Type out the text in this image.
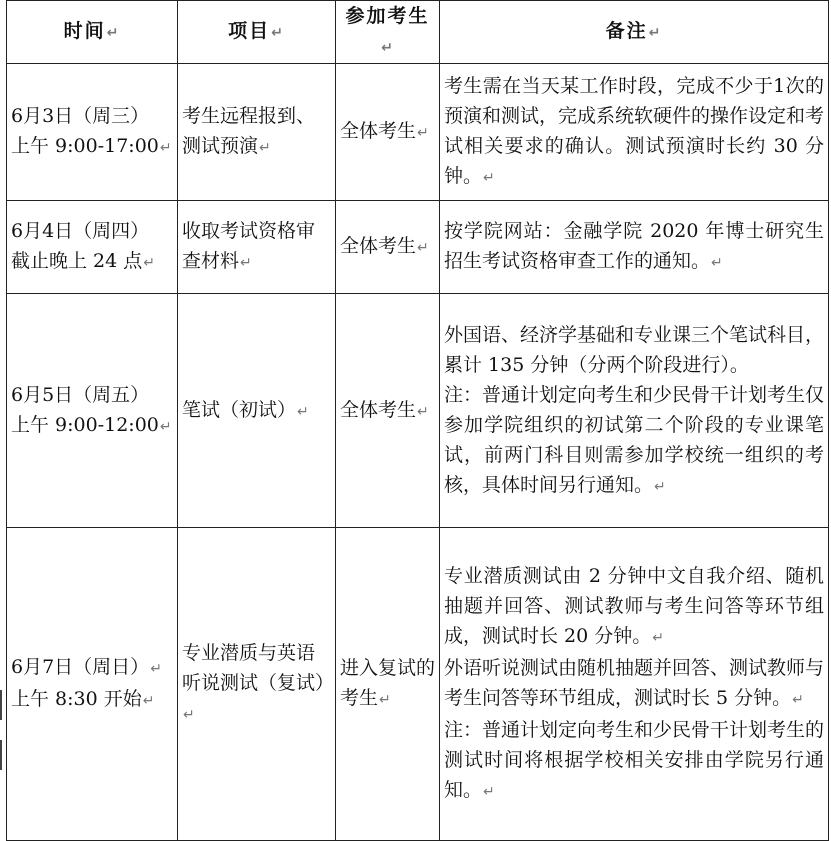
时间↵	项目↵	参加考生↵	备注↵

6月3日（周三）
上午 9:00-17:00↵	考生远程报到、测试预演↵	全体考生↵	考生需在当天某工作时段，完成不少于1次的预演和测试，完成系统软硬件的操作设定和考试相关要求的确认。测试预演时长约 30 分钟。↵

6月4日（周四）
截止晚上 24 点↵	收取考试资格审查材料↵	全体考生↵	按学院网站：金融学院 2020 年博士研究生招生考试资格审查工作的通知。↵

6月5日（周五）
上午 9:00-12:00↵	笔试（初试）↵	全体考生↵	外国语、经济学基础和专业课三个笔试科目，累计 135 分钟（分两个阶段进行）。
注：普通计划定向考生和少民骨干计划考生仅参加学院组织的初试第二个阶段的专业课笔试，前两门科目则需参加学校统一组织的考核，具体时间另行通知。↵

6月7日（周日）↵
上午 8:30 开始↵	专业潜质与英语听说测试（复试）↵	进入复试的考生↵	专业潜质测试由 2 分钟中文自我介绍、随机抽题并回答、测试教师与考生问答等环节组成，测试时长 20 分钟。↵
外语听说测试由随机抽题并回答、测试教师与考生问答等环节组成，测试时长 5 分钟。↵
注：普通计划定向考生和少民骨干计划考生的测试时间将根据学校相关安排由学院另行通知。↵
